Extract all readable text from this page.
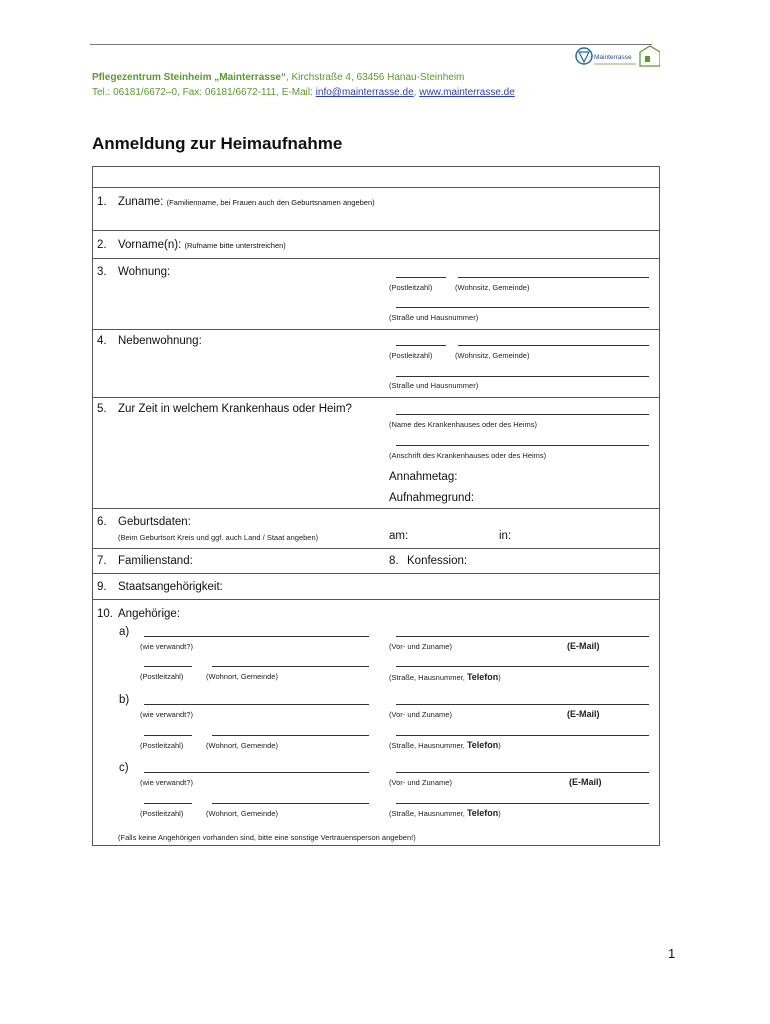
Mainterrasse
Pflegezentrum Steinheim „Mainterrasse“, Kirchstraße 4, 63456 Hanau-Steinheim
Tel.: 06181/6672–0, Fax: 06181/6672-111, E-Mail: info@mainterrasse.de, www.mainterrasse.de
Anmeldung zur Heimaufnahme
1. Zuname: (Familienname, bei Frauen auch den Geburtsnamen angeben)
2. Vorname(n): (Rufname bitte unterstreichen)
3. Wohnung:
(Postleitzahl)	(Wohnsitz, Gemeinde)
(Straße und Hausnummer)
4. Nebenwohnung:
(Postleitzahl)	(Wohnsitz, Gemeinde)
(Straße und Hausnummer)
5. Zur Zeit in welchem Krankenhaus oder Heim?
(Name des Krankenhauses oder des Heims)
(Anschrift des Krankenhauses oder des Heims)
Annahmetag:
Aufnahmegrund:
6. Geburtsdaten:
(Beim Geburtsort Kreis und ggf. auch Land / Staat angeben)	am:	in:
7. Familienstand:	8. Konfession:
9. Staatsangehörigkeit:
10. Angehörige:
a)
(wie verwandt?)	(Vor- und Zuname)	(E-Mail)
(Postleitzahl)	(Wohnort, Gemeinde)	(Straße, Hausnummer, Telefon)
b)
(wie verwandt?)	(Vor- und Zuname)	(E-Mail)
(Postleitzahl)	(Wohnort, Gemeinde)	(Straße, Hausnummer, Telefon)
c)
(wie verwandt?)	(Vor- und Zuname)	(E-Mail)
(Postleitzahl)	(Wohnort, Gemeinde)	(Straße, Hausnummer, Telefon)
(Falls keine Angehörigen vorhanden sind, bitte eine sonstige Vertrauensperson angeben!)
1
